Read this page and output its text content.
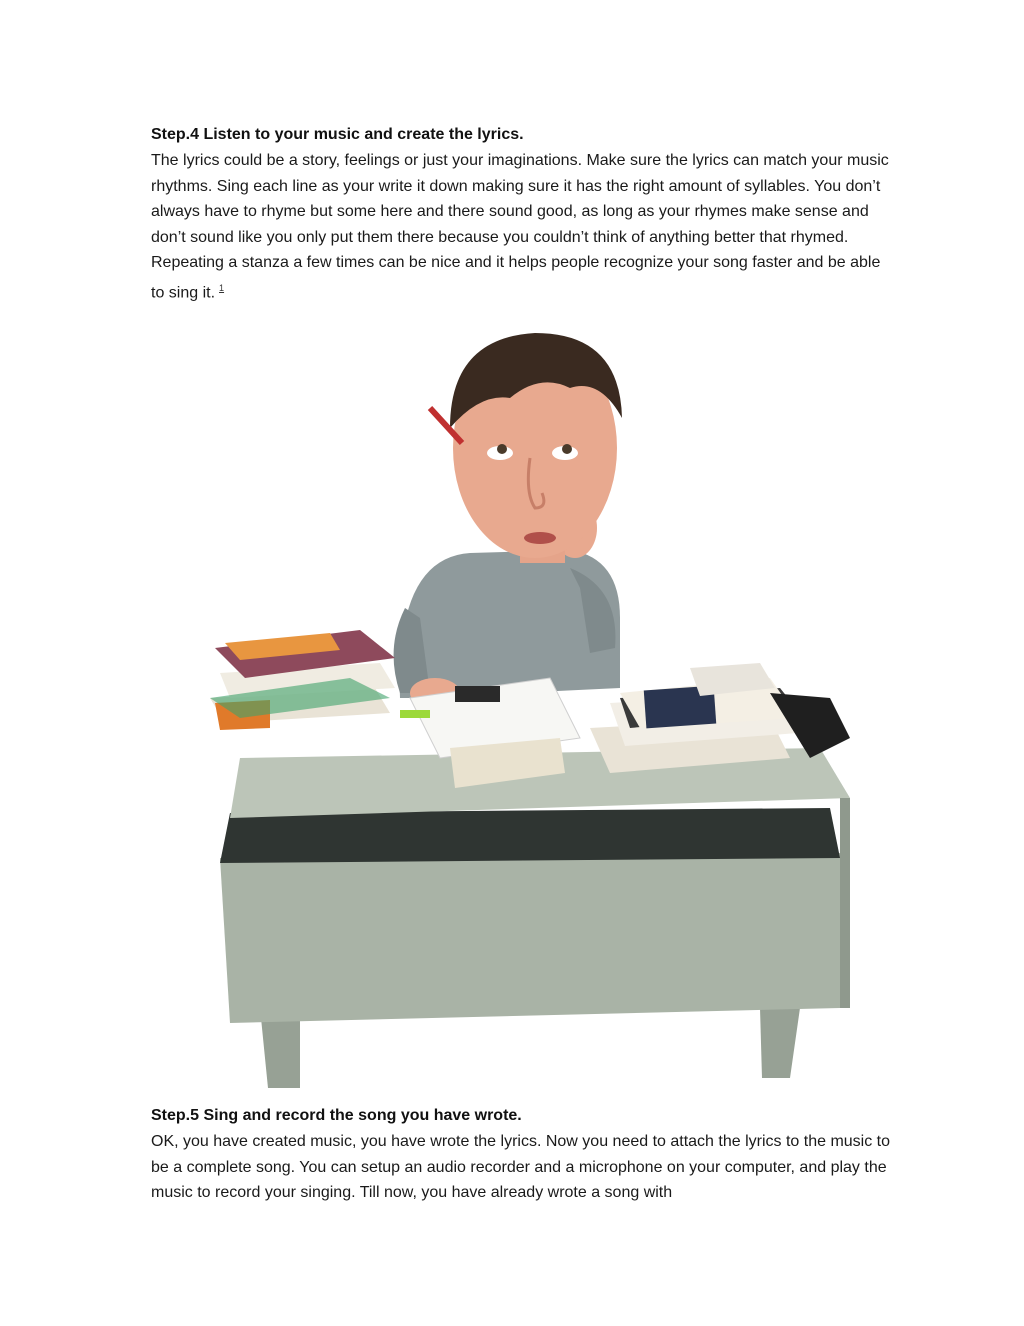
Step.4 Listen to your music and create the lyrics.
The lyrics could be a story, feelings or just your imaginations. Make sure the lyrics can match your music rhythms. Sing each line as your write it down making sure it has the right amount of syllables. You don’t always have to rhyme but some here and there sound good, as long as your rhymes make sense and don’t sound like you only put them there because you couldn’t think of anything better that rhymed. Repeating a stanza a few times can be nice and it helps people recognize your song faster and be able to sing it. $^1$
Step.5 Sing and record the song you have wrote.
OK, you have created music, you have wrote the lyrics. Now you need to attach the lyrics to the music to be a complete song. You can setup an audio recorder and a microphone on your computer, and play the music to record your singing. Till now, you have already wrote a song with
